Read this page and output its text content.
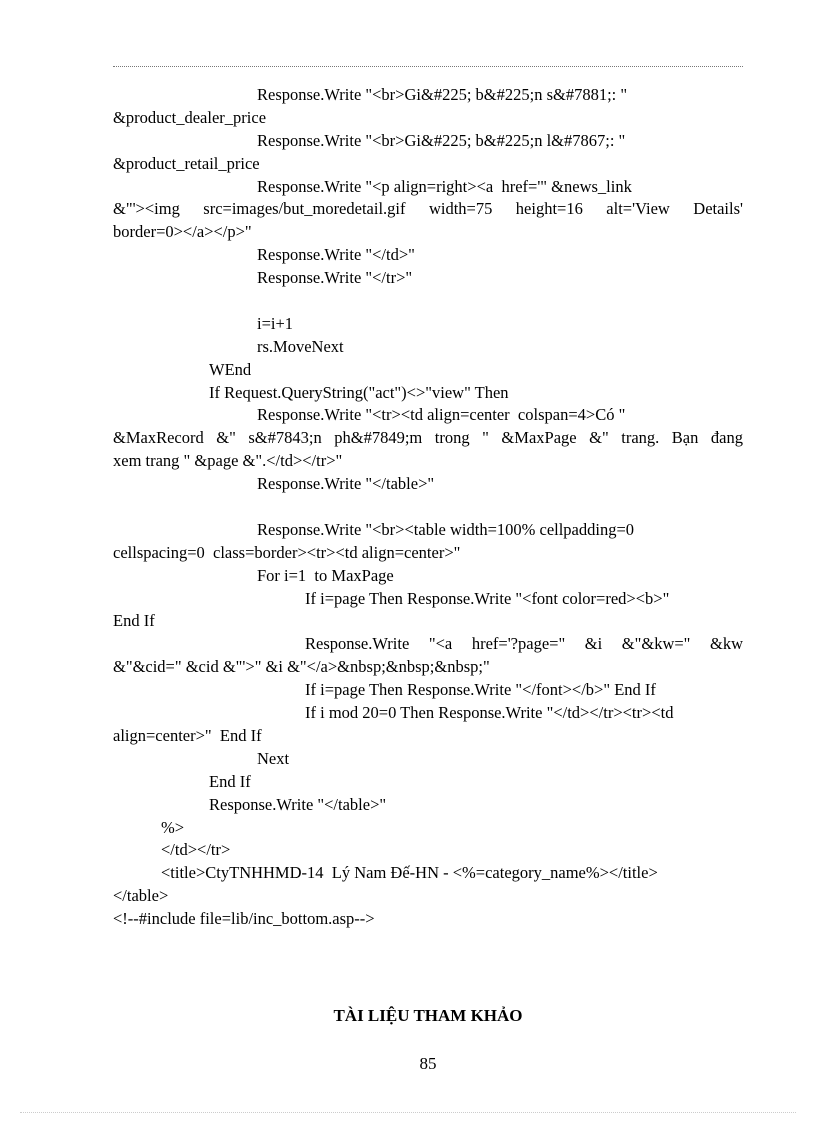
Response.Write "<br>Gi&#225; b&#225;n s&#7881;: "
&product_dealer_price
Response.Write "<br>Gi&#225; b&#225;n l&#7867;: "
&product_retail_price
Response.Write "<p align=right><a  href='" &news_link
&"'><img src=images/but_moredetail.gif width=75 height=16 alt='View Details'
border=0></a></p>"
Response.Write "</td>"
Response.Write "</tr>"
i=i+1
rs.MoveNext
WEnd
If Request.QueryString("act")<>"view" Then
Response.Write "<tr><td align=center  colspan=4>Có "
&MaxRecord &" s&#7843;n ph&#7849;m trong " &MaxPage &" trang. Bạn đang
xem trang " &page &".</td></tr>"
Response.Write "</table>"
Response.Write "<br><table width=100% cellpadding=0
cellspacing=0  class=border><tr><td align=center>"
For i=1  to MaxPage
If i=page Then Response.Write "<font color=red><b>"
End If
Response.Write "<a href='?page=" &i &"&kw=" &kw
&"&cid=" &cid &"'>" &i &"</a>&nbsp;&nbsp;&nbsp;"
If i=page Then Response.Write "</font></b>" End If
If i mod 20=0 Then Response.Write "</td></tr><tr><td
align=center>"  End If
Next
End If
Response.Write "</table>"
%>
</td></tr>
<title>CtyTNHHMD-14  Lý Nam Đế-HN - <%=category_name%></title>
</table>
<!--#include file=lib/inc_bottom.asp-->
TÀI LIỆU THAM KHẢO
85
